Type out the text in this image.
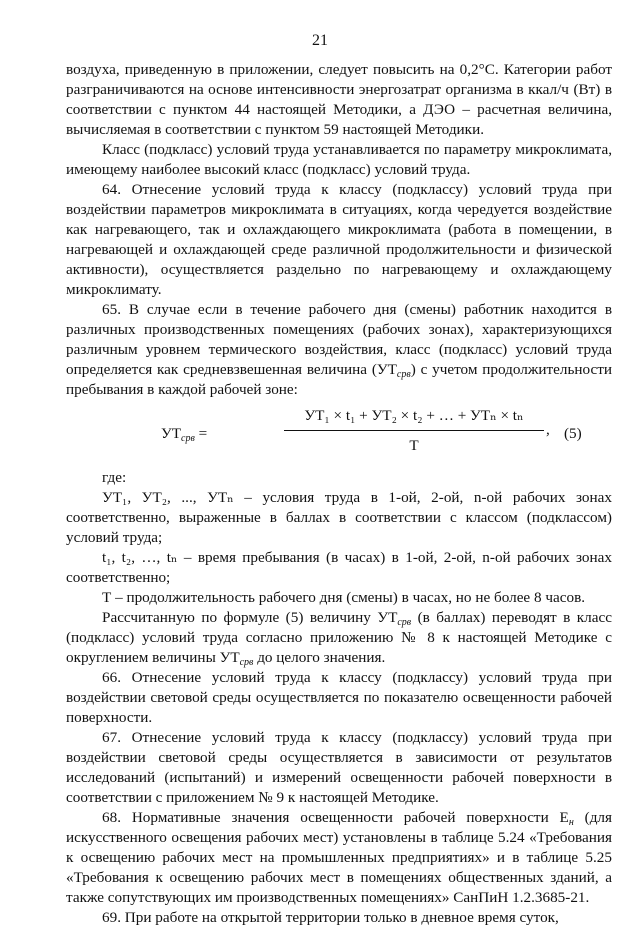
21

воздуха, приведенную в приложении, следует повысить на 0,2°С. Категории работ разграничиваются на основе интенсивности энергозатрат организма в ккал/ч (Вт) в соответствии с пунктом 44 настоящей Методики, а ДЭО – расчетная величина, вычисляемая в соответствии с пунктом 59 настоящей Методики.

Класс (подкласс) условий труда устанавливается по параметру микроклимата, имеющему наиболее высокий класс (подкласс) условий труда.

64. Отнесение условий труда к классу (подклассу) условий труда при воздействии параметров микроклимата в ситуациях, когда чередуется воздействие как нагревающего, так и охлаждающего микроклимата (работа в помещении, в нагревающей и охлаждающей среде различной продолжительности и физической активности), осуществляется раздельно по нагревающему и охлаждающему микроклимату.

65. В случае если в течение рабочего дня (смены) работник находится в различных производственных помещениях (рабочих зонах), характеризующихся различным уровнем термического воздействия, класс (подкласс) условий труда определяется как средневзвешенная величина $(УТ_{срв})$ с учетом продолжительности пребывания в каждой рабочей зоне:

$УТ_{срв}$ =
УТ₁ × t₁ + УТ₂ × t₂ + … + УТₙ × tₙ
Т
, (5)

где:

УТ₁, УТ₂, ..., УТₙ – условия труда в 1-ой, 2-ой, n-ой рабочих зонах соответственно, выраженные в баллах в соответствии с классом (подклассом) условий труда;

t₁, t₂, …, tₙ – время пребывания (в часах) в 1-ой, 2-ой, n-ой рабочих зонах соответственно;

Т – продолжительность рабочего дня (смены) в часах, но не более 8 часов.

Рассчитанную по формуле (5) величину $УТ_{срв}$ (в баллах) переводят в класс (подкласс) условий труда согласно приложению № 8 к настоящей Методике с округлением величины $УТ_{срв}$ до целого значения.

66. Отнесение условий труда к классу (подклассу) условий труда при воздействии световой среды осуществляется по показателю освещенности рабочей поверхности.

67. Отнесение условий труда к классу (подклассу) условий труда при воздействии световой среды осуществляется в зависимости от результатов исследований (испытаний) и измерений освещенности рабочей поверхности в соответствии с приложением № 9 к настоящей Методике.

68. Нормативные значения освещенности рабочей поверхности $Е_н$ (для искусственного освещения рабочих мест) установлены в таблице 5.24 «Требования к освещению рабочих мест на промышленных предприятиях» и в таблице 5.25 «Требования к освещению рабочих мест в помещениях общественных зданий, а также сопутствующих им производственных помещениях» СанПиН 1.2.3685-21.

69. При работе на открытой территории только в дневное время суток,
